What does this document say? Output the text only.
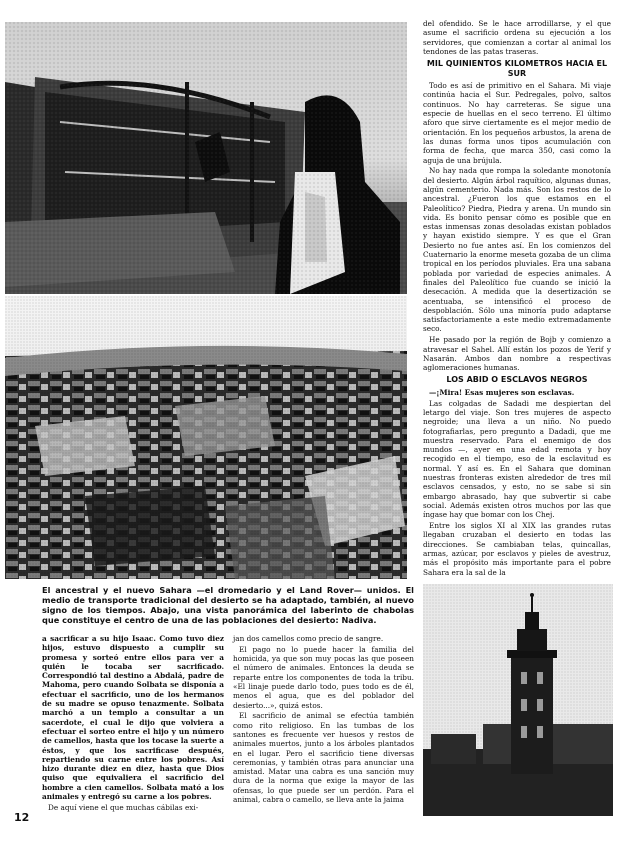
del ofendido. Se le hace arrodillarse, y el que asume el sacrificio ordena su ejecución a los servidores, que comienzan a cortar al animal los tendones de las patas traseras.

MIL QUINIENTOS KILOMETROS HACIA EL SUR

Todo es así de primitivo en el Sahara. Mi viaje continúa hacia el Sur. Pedregales, polvo, saltos continuos. No hay carreteras. Se sigue una especie de huellas en el seco terreno. El último aforo que sirve ciertamente es el mejor medio de orientación. En los pequeños arbustos, la arena de las dunas forma unos tipos acumulación con forma de fecha, que marca 350, casi como la aguja de una brújula.

No hay nada que rompa la soledante monotonía del desierto. Algún árbol raquítico, algunas dunas, algún cementerio. Nada más. Son los restos de lo ancestral. ¿Fueron los que estamos en el Paleolítico? Piedra, Piedra y arena. Un mundo sin vida. Es bonito pensar cómo es posible que en estas inmensas zonas desoladas existan poblados y hayan existido siempre. Y es que el Gran Desierto no fue antes así. En los comienzos del Cuaternario la enorme meseta gozaba de un clima tropical en los períodos pluviales. Era una sabana poblada por variedad de especies animales. A finales del Paleolítico fue cuando se inició la desecación. A medida que la desertización se acentuaba, se intensificó el proceso de despoblación. Sólo una minoría pudo adaptarse satisfactoriamente a este medio extremadamente seco.

He pasado por la región de Bojb y comienzo a atravesar el Sahel. Allí están los pozos de Yerif y Nasarán. Ambos dan nombre a respectivas aglomeraciones humanas.

LOS ABID O ESCLAVOS NEGROS

—¡Mira! Esas mujeres son esclavas.

Las colgadas de Sadadi me despiertan del letargo del viaje. Son tres mujeres de aspecto negroide; una lleva a un niño. No puedo fotografiarlas, pero pregunto a Dadadi, que me muestra reservado. Para el enemigo de dos mundos —, ayer en una edad remota y hoy recogido en el tiempo, eso de la esclavitud es normal. Y así es. En el Sahara que dominan nuestras fronteras existen alrededor de tres mil esclavos censados, y esto, no se sabe si sin embargo abrasado, hay que subvertir si cabe social. Además existen otros muchos por las que íngase hay que bomar con los Chej.

Entre los siglos XI al XIX las grandes rutas llegaban cruzaban el desierto en todas las direcciones. Se cambiaban telas, quincallas, armas, azúcar, por esclavos y pieles de avestruz, más el propósito más importante para el pobre Sahara era la sal de la

El ancestral y el nuevo Sahara —el dromedario y el Land Rover— unidos. El medio de transporte tradicional del desierto se ha adaptado, también, al nuevo signo de los tiempos. Abajo, una vista panorámica del laberinto de chabolas que constituye el centro de una de las poblaciones del desierto: Nadiva.

a sacrificar a su hijo Isaac. Como tuvo diez hijos, estuvo dispuesto a cumplir su promesa y sorteó entre ellos para ver a quién le tocaba ser sacrificado. Correspondió tal destino a Abdalá, padre de Mahoma, pero cuando Solbata se disponía a efectuar el sacrificio, uno de los hermanos de su madre se opuso tenazmente. Solbata marchó a un templo a consultar a un sacerdote, el cual le dijo que volviera a efectuar el sorteo entre el hijo y un número de camellos, hasta que los tocase la suerte a éstos, y que los sacrificase después, repartiendo su carne entre los pobres. Así hizo durante diez en diez, hasta que Dios quiso que equivaliera el sacrificio del hombre a cien camellos. Solbata mató a los animales y entregó su carne a los pobres.

De aquí viene el que muchas cábilas exi-

jan dos camellos como precio de sangre.

El pago no lo puede hacer la familia del homicida, ya que son muy pocas las que poseen el número de animales. Entonces la deuda se reparte entre los componentes de toda la tribu. «El linaje puede darlo todo, pues todo es de él, menos el agua, que es del poblador del desierto...», quizá estos.

El sacrificio de animal se efectúa también como rito religioso. En las tumbas de los santones es frecuente ver huesos y restos de animales muertos, junto a los árboles plantados en el lugar. Pero el sacrificio tiene diversas ceremonias, y también otras para anunciar una amistad. Matar una cabra es una sanción muy dura de la norma que exige la mayor de las ofensas, lo que puede ser un perdón. Para el animal, cabra o camello, se lleva ante la jaima

12
